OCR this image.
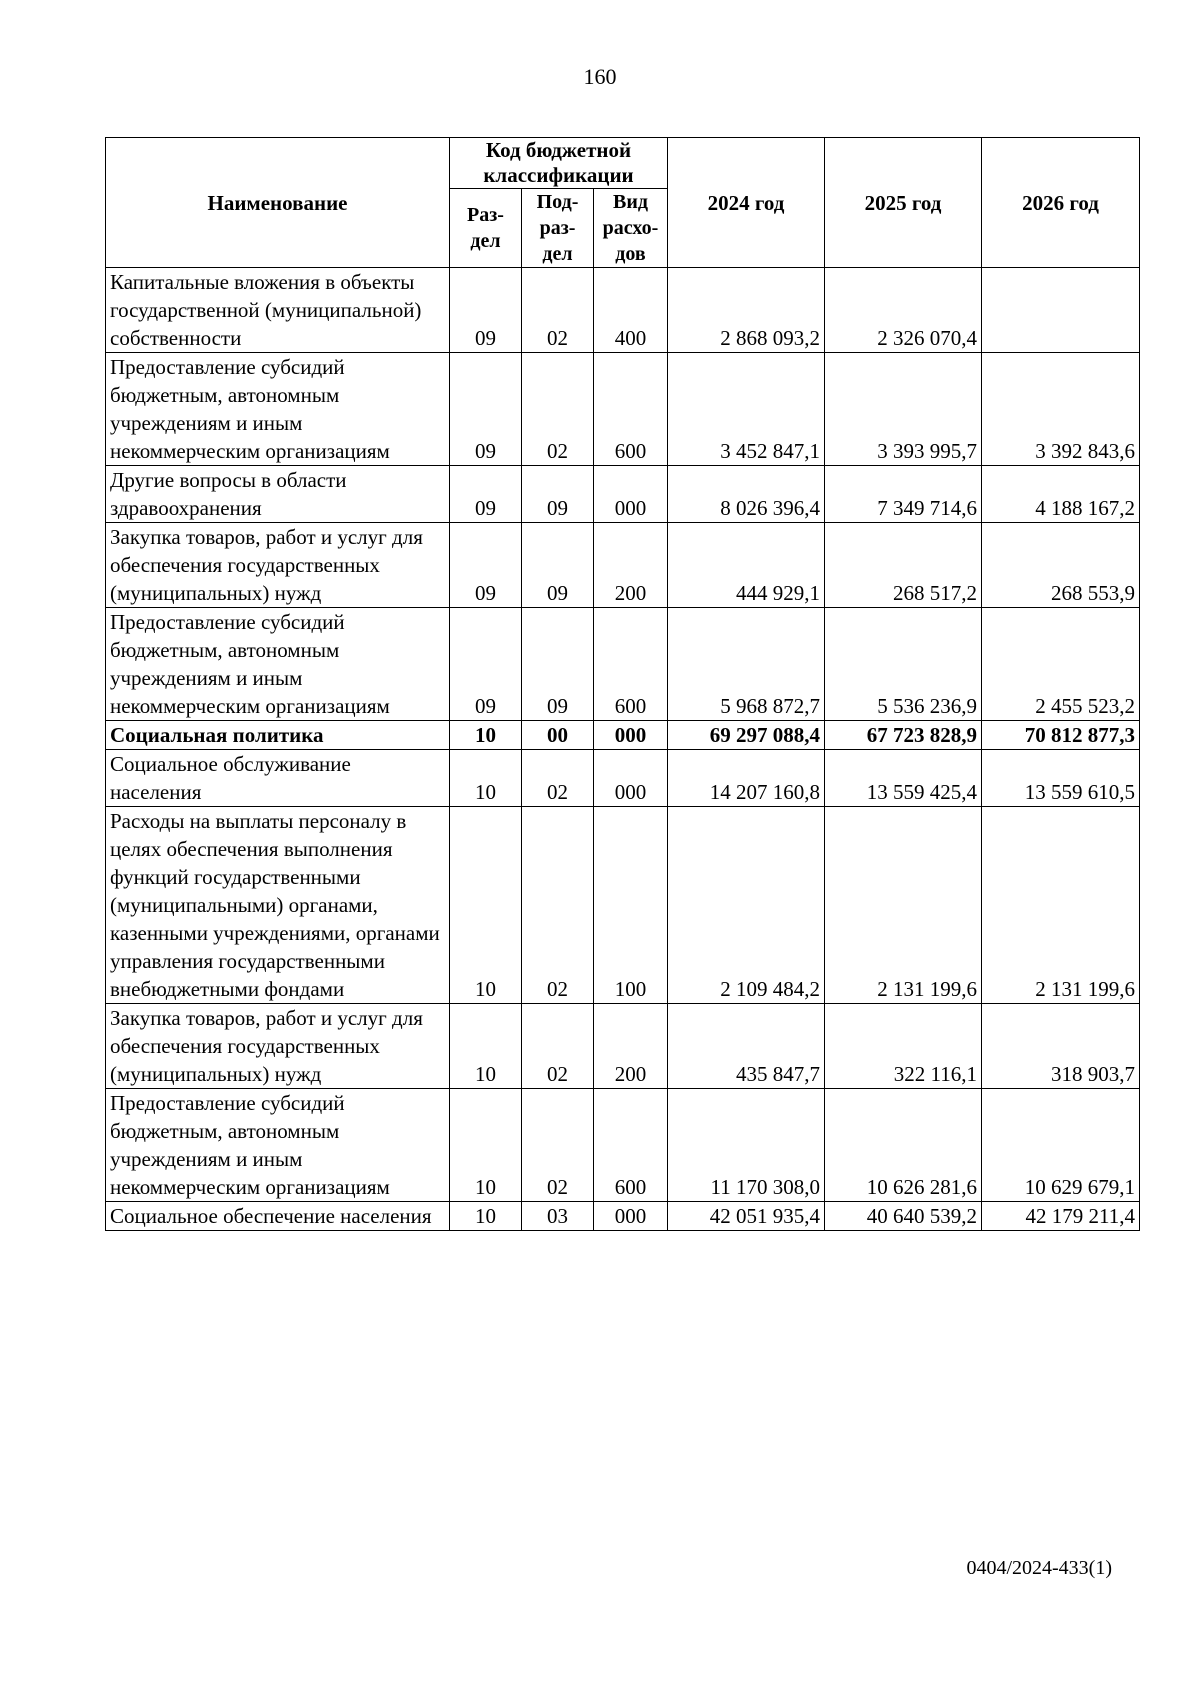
160
Наименование	Код бюджетной классификации			2024 год	2025 год	2026 год
	Раз-дел	Под-раз-дел	Вид расхо-дов			
Капитальные вложения в объекты государственной (муниципальной) собственности	09	02	400	2 868 093,2	2 326 070,4	
Предоставление субсидий бюджетным, автономным учреждениям и иным некоммерческим организациям	09	02	600	3 452 847,1	3 393 995,7	3 392 843,6
Другие вопросы в области здравоохранения	09	09	000	8 026 396,4	7 349 714,6	4 188 167,2
Закупка товаров, работ и услуг для обеспечения государственных (муниципальных) нужд	09	09	200	444 929,1	268 517,2	268 553,9
Предоставление субсидий бюджетным, автономным учреждениям и иным некоммерческим организациям	09	09	600	5 968 872,7	5 536 236,9	2 455 523,2
Социальная политика	10	00	000	69 297 088,4	67 723 828,9	70 812 877,3
Социальное обслуживание населения	10	02	000	14 207 160,8	13 559 425,4	13 559 610,5
Расходы на выплаты персоналу в целях обеспечения выполнения функций государственными (муниципальными) органами, казенными учреждениями, органами управления государственными внебюджетными фондами	10	02	100	2 109 484,2	2 131 199,6	2 131 199,6
Закупка товаров, работ и услуг для обеспечения государственных (муниципальных) нужд	10	02	200	435 847,7	322 116,1	318 903,7
Предоставление субсидий бюджетным, автономным учреждениям и иным некоммерческим организациям	10	02	600	11 170 308,0	10 626 281,6	10 629 679,1
Социальное обеспечение населения	10	03	000	42 051 935,4	40 640 539,2	42 179 211,4
0404/2024-433(1)
